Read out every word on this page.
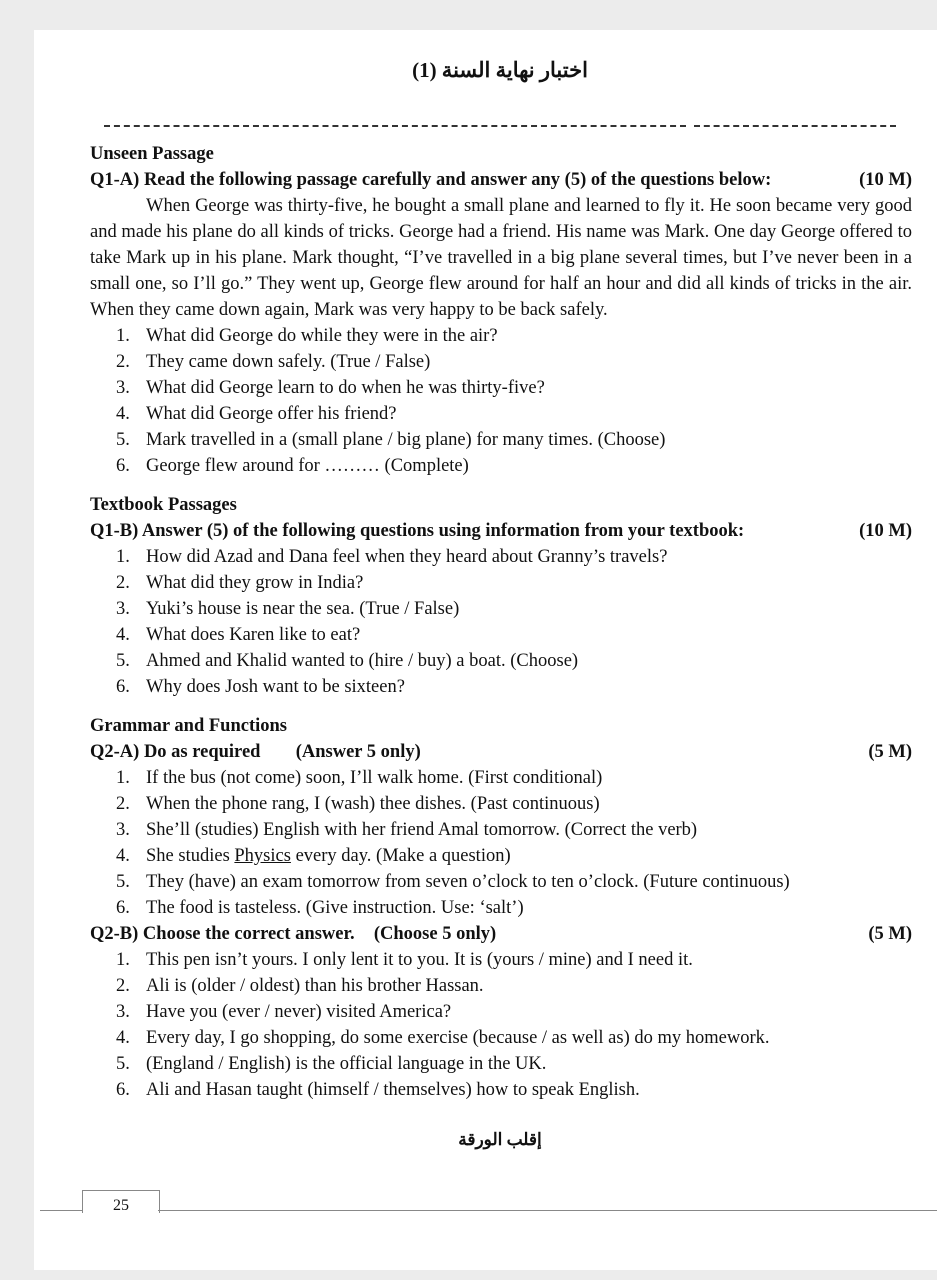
اختبار نهاية السنة (1)
Unseen Passage
Q1-A) Read the following passage carefully and answer any (5) of the questions below:	(10 M)
When George was thirty-five, he bought a small plane and learned to fly it. He soon became very good and made his plane do all kinds of tricks. George had a friend. His name was Mark. One day George offered to take Mark up in his plane. Mark thought, “I’ve travelled in a big plane several times, but I’ve never been in a small one, so I’ll go.” They went up, George flew around for half an hour and did all kinds of tricks in the air. When they came down again, Mark was very happy to be back safely.
1. What did George do while they were in the air?
2. They came down safely. (True / False)
3. What did George learn to do when he was thirty-five?
4. What did George offer his friend?
5. Mark travelled in a (small plane / big plane) for many times. (Choose)
6. George flew around for ……… (Complete)
Textbook Passages
Q1-B) Answer (5) of the following questions using information from your textbook:	(10 M)
1. How did Azad and Dana feel when they heard about Granny’s travels?
2. What did they grow in India?
3. Yuki’s house is near the sea. (True / False)
4. What does Karen like to eat?
5. Ahmed and Khalid wanted to (hire / buy) a boat. (Choose)
6. Why does Josh want to be sixteen?
Grammar and Functions
Q2-A) Do as required (Answer 5 only)	(5 M)
1. If the bus (not come) soon, I’ll walk home. (First conditional)
2. When the phone rang, I (wash) thee dishes. (Past continuous)
3. She’ll (studies) English with her friend Amal tomorrow. (Correct the verb)
4. She studies Physics every day. (Make a question)
5. They (have) an exam tomorrow from seven o’clock to ten o’clock. (Future continuous)
6. The food is tasteless. (Give instruction. Use: ‘salt’)
Q2-B) Choose the correct answer. (Choose 5 only)	(5 M)
1. This pen isn’t yours. I only lent it to you. It is (yours / mine) and I need it.
2. Ali is (older / oldest) than his brother Hassan.
3. Have you (ever / never) visited America?
4. Every day, I go shopping, do some exercise (because / as well as) do my homework.
5. (England / English) is the official language in the UK.
6. Ali and Hasan taught (himself / themselves) how to speak English.
إقلب الورقة
25
